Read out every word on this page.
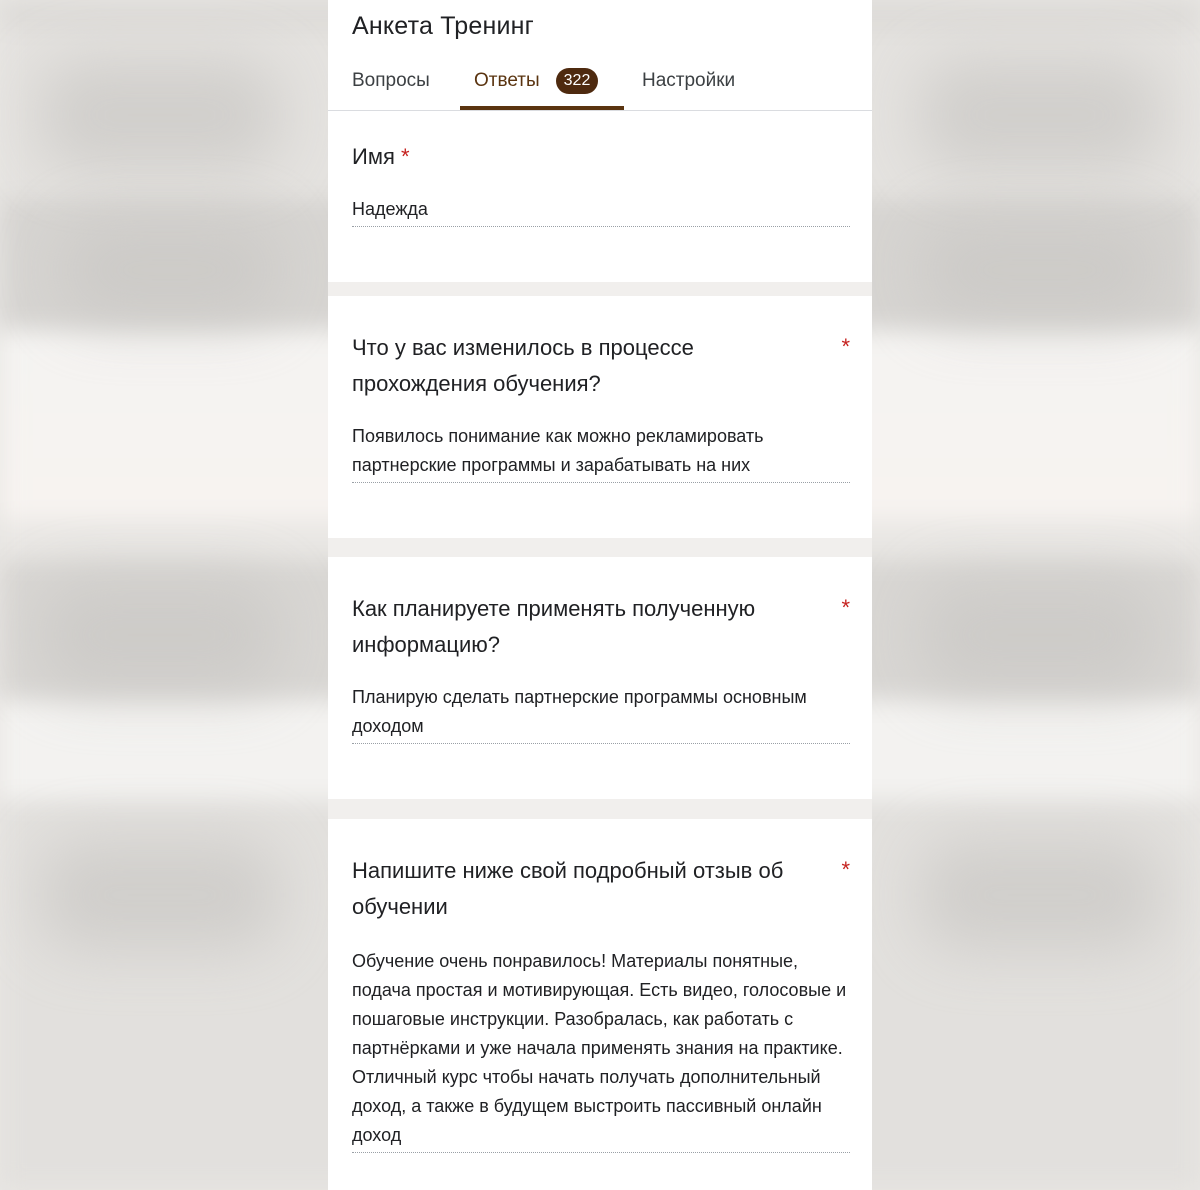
Анкета Тренинг
Вопросы Ответы	322	Настройки
Имя *
Надежда
Что у вас изменилось в процессе прохождения обучения?
*
Появилось понимание как можно рекламировать партнерские программы и зарабатывать на них
Как планируете применять полученную информацию?
*
Планирую сделать партнерские программы основным доходом
Напишите ниже свой подробный отзыв об обучении
*
Обучение очень понравилось! Материалы понятные, подача простая и мотивирующая. Есть видео, голосовые и пошаговые инструкции. Разобралась, как работать с партнёрками и уже начала применять знания на практике. Отличный курс чтобы начать получать дополнительный доход, а также в будущем выстроить пассивный онлайн доход
